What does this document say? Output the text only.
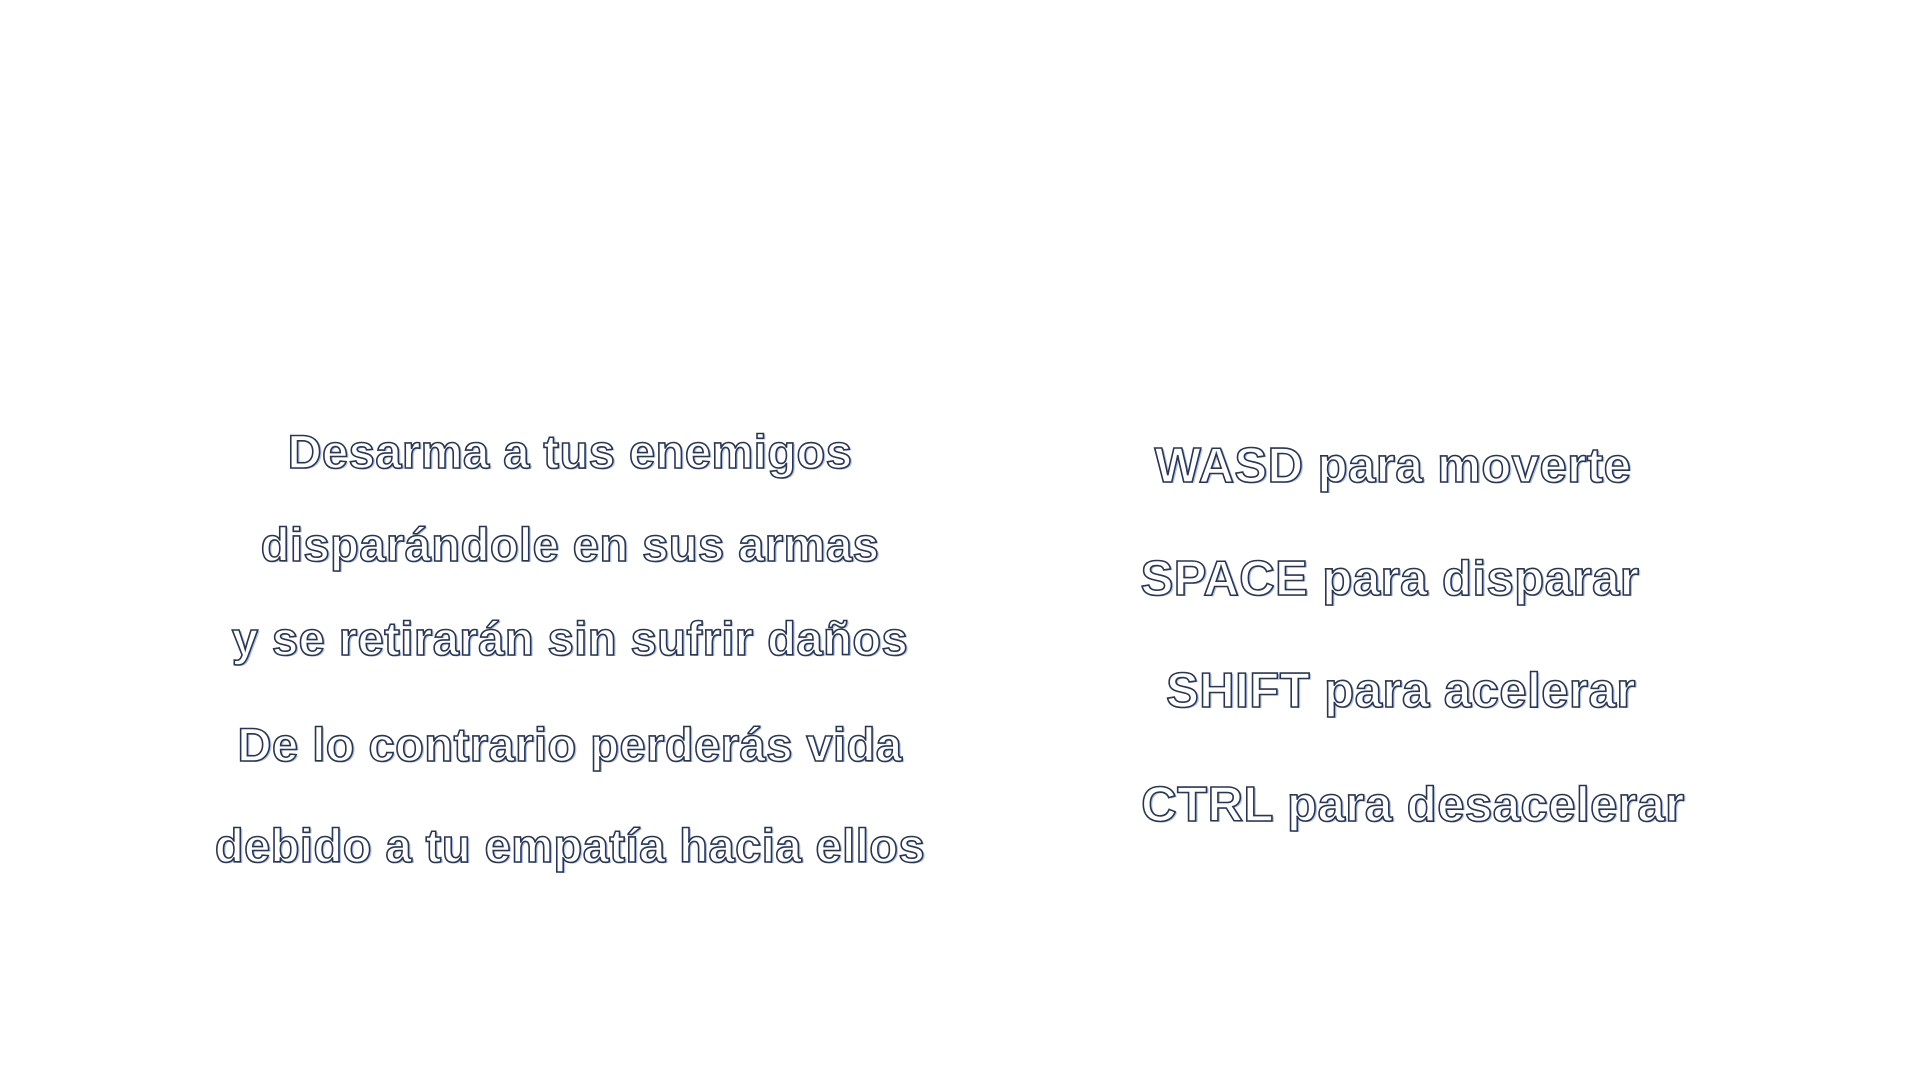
Desarma a tus enemigos
disparándole en sus armas
y se retirarán sin sufrir daños
De lo contrario perderás vida
debido a tu empatía hacia ellos
WASD para moverte
SPACE para disparar
SHIFT para acelerar
CTRL para desacelerar
